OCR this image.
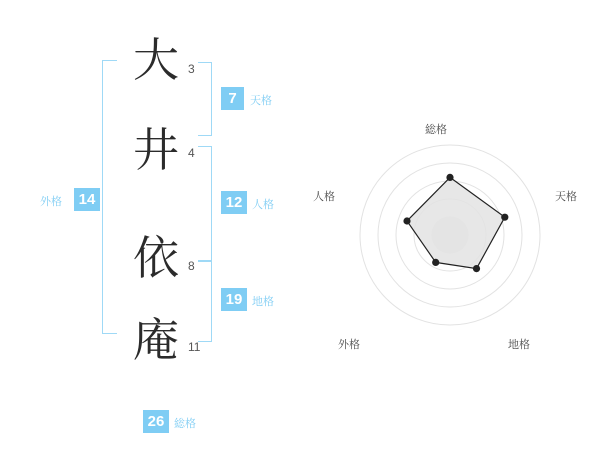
14
外格
大 3
井 4
依 8
庵 11
7	天格
12 人格
19 地格
26 総格
総格
天格
地格
外格
人格
